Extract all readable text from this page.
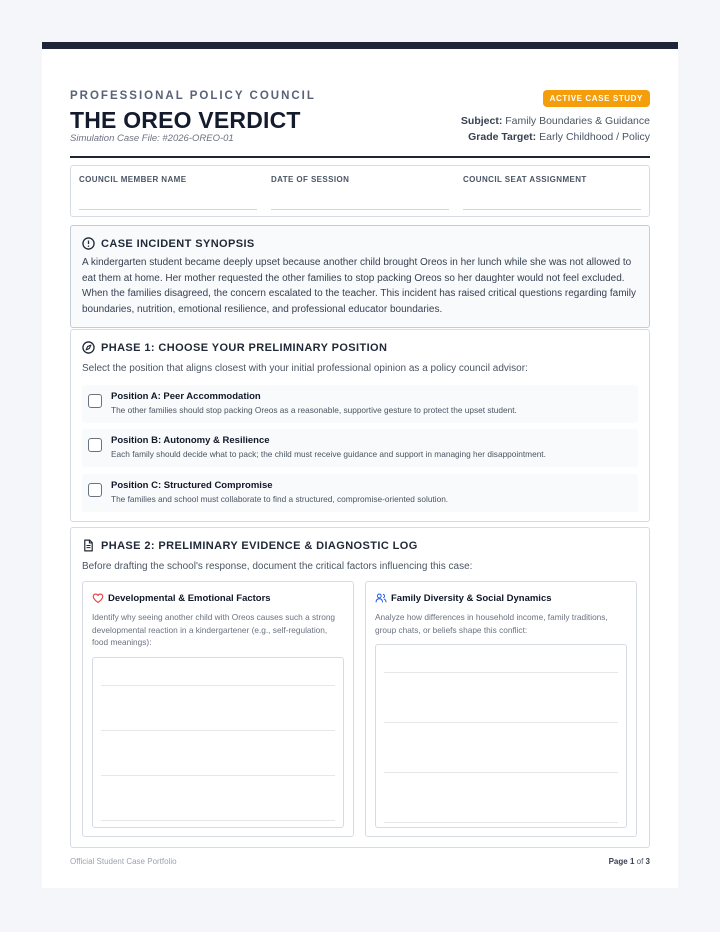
PROFESSIONAL POLICY COUNCIL
THE OREO VERDICT
Simulation Case File: #2026-OREO-01
ACTIVE CASE STUDY
Subject: Family Boundaries & Guidance
Grade Target: Early Childhood / Policy
COUNCIL MEMBER NAME	DATE OF SESSION	COUNCIL SEAT ASSIGNMENT
CASE INCIDENT SYNOPSIS
A kindergarten student became deeply upset because another child brought Oreos in her lunch while she was not allowed to eat them at home. Her mother requested the other families to stop packing Oreos so her daughter would not feel excluded. When the families disagreed, the concern escalated to the teacher. This incident has raised critical questions regarding family boundaries, nutrition, emotional resilience, and professional educator boundaries.
PHASE 1: CHOOSE YOUR PRELIMINARY POSITION
Select the position that aligns closest with your initial professional opinion as a policy council advisor:
Position A: Peer Accommodation
The other families should stop packing Oreos as a reasonable, supportive gesture to protect the upset student.
Position B: Autonomy & Resilience
Each family should decide what to pack; the child must receive guidance and support in managing her disappointment.
Position C: Structured Compromise
The families and school must collaborate to find a structured, compromise-oriented solution.
PHASE 2: PRELIMINARY EVIDENCE & DIAGNOSTIC LOG
Before drafting the school's response, document the critical factors influencing this case:
Developmental & Emotional Factors
Identify why seeing another child with Oreos causes such a strong developmental reaction in a kindergartener (e.g., self-regulation, food meanings):
Family Diversity & Social Dynamics
Analyze how differences in household income, family traditions, group chats, or beliefs shape this conflict:
Official Student Case Portfolio	Page 1 of 3
